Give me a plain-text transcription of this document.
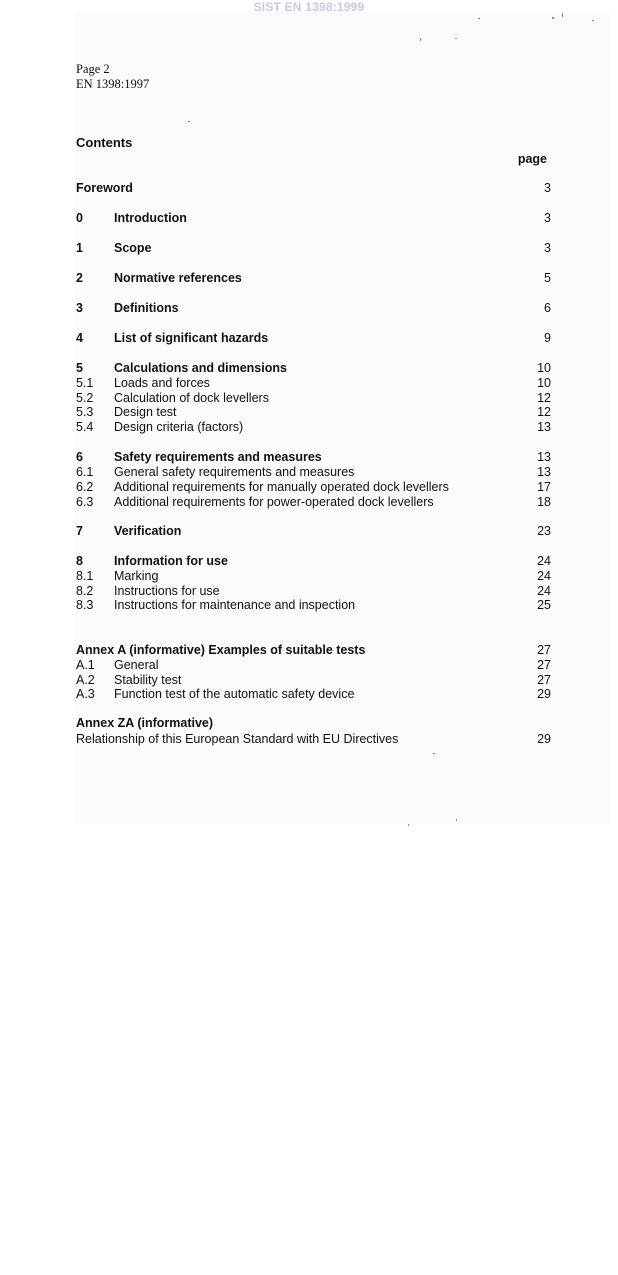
SIST EN 1398:1999
Page 2
EN 1398:1997
Contents
page
Foreword	3
0 Introduction	3
1 Scope	3
2 Normative references	5
3 Definitions	6
4 List of significant hazards	9
5 Calculations and dimensions	10
5.1 Loads and forces	10
5.2 Calculation of dock levellers	12
5.3 Design test	12
5.4 Design criteria (factors)	13
6 Safety requirements and measures	13
6.1 General safety requirements and measures	13
6.2 Additional requirements for manually operated dock levellers	17
6.3 Additional requirements for power-operated dock levellers	18
7 Verification	23
8 Information for use	24
8.1 Marking	24
8.2 Instructions for use	24
8.3 Instructions for maintenance and inspection	25
Annex A (informative) Examples of suitable tests	27
A.1 General	27
A.2 Stability test	27
A.3 Function test of the automatic safety device	29
Annex ZA (informative)
Relationship of this European Standard with EU Directives	29
